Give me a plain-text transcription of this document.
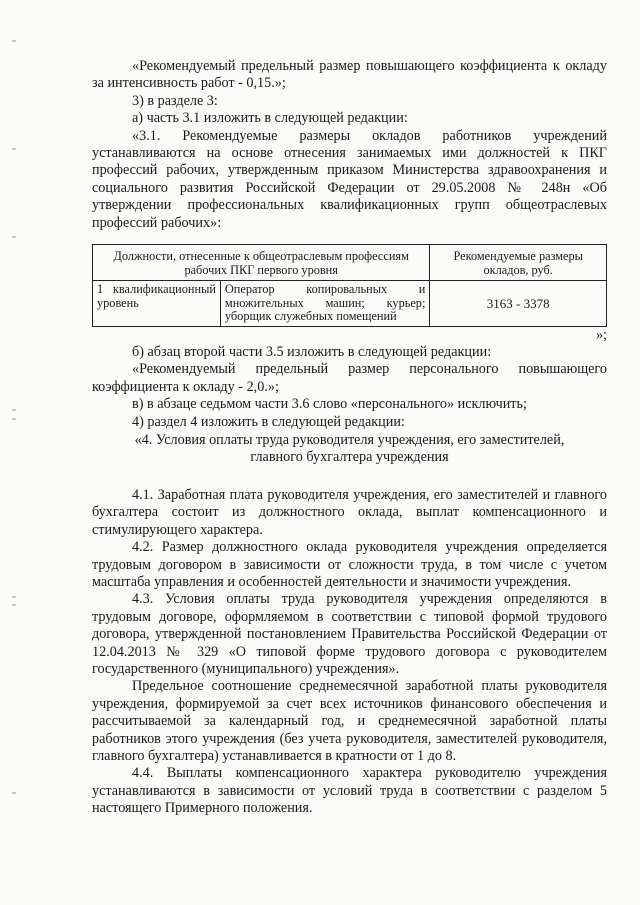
«Рекомендуемый предельный размер повышающего коэффициента к окладу за интенсивность работ - 0,15.»;

3) в разделе 3:

а) часть 3.1 изложить в следующей редакции:

«3.1. Рекомендуемые размеры окладов работников учреждений устанавливаются на основе отнесения занимаемых ими должностей к ПКГ профессий рабочих, утвержденным приказом Министерства здравоохранения и социального развития Российской Федерации от 29.05.2008 № 248н «Об утверждении профессиональных квалификационных групп общеотраслевых профессий рабочих»:

Должности, отнесенные к общеотраслевым профессиям рабочих ПКГ первого уровня		Рекомендуемые размеры окладов, руб.
1 квалификационный уровень	Оператор копировальных и множительных машин; курьер; уборщик служебных помещений	3163 - 3378

»;

б) абзац второй части 3.5 изложить в следующей редакции:

«Рекомендуемый предельный размер персонального повышающего коэффициента к окладу - 2,0.»;

в) в абзаце седьмом части 3.6 слово «персонального» исключить;

4) раздел 4 изложить в следующей редакции:

«4. Условия оплаты труда руководителя учреждения, его заместителей, главного бухгалтера учреждения

4.1. Заработная плата руководителя учреждения, его заместителей и главного бухгалтера состоит из должностного оклада, выплат компенсационного и стимулирующего характера.

4.2. Размер должностного оклада руководителя учреждения определяется трудовым договором в зависимости от сложности труда, в том числе с учетом масштаба управления и особенностей деятельности и значимости учреждения.

4.3. Условия оплаты труда руководителя учреждения определяются в трудовым договоре, оформляемом в соответствии с типовой формой трудового договора, утвержденной постановлением Правительства Российской Федерации от 12.04.2013 № 329 «О типовой форме трудового договора с руководителем государственного (муниципального) учреждения».

Предельное соотношение среднемесячной заработной платы руководителя учреждения, формируемой за счет всех источников финансового обеспечения и рассчитываемой за календарный год, и среднемесячной заработной платы работников этого учреждения (без учета руководителя, заместителей руководителя, главного бухгалтера) устанавливается в кратности от 1 до 8.

4.4. Выплаты компенсационного характера руководителю учреждения устанавливаются в зависимости от условий труда в соответствии с разделом 5 настоящего Примерного положения.
